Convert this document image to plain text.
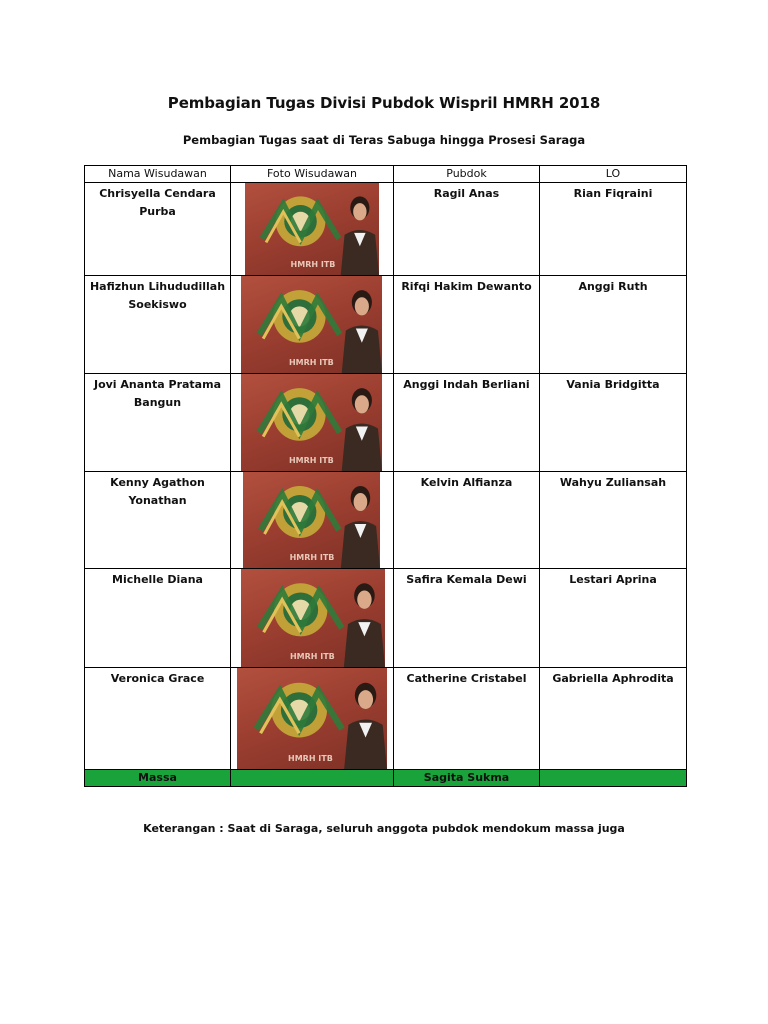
Pembagian Tugas Divisi Pubdok Wispril HMRH 2018
Pembagian Tugas saat di Teras Sabuga hingga Prosesi Saraga
Nama Wisudawan	Foto Wisudawan	Pubdok	LO
Chrisyella Cendara Purba	HMRH ITB	Ragil Anas	Rian Fiqraini
Hafizhun Lihududillah Soekiswo	HMRH ITB	Rifqi Hakim Dewanto	Anggi Ruth
Jovi Ananta Pratama Bangun	HMRH ITB	Anggi Indah Berliani	Vania Bridgitta
Kenny Agathon Yonathan	HMRH ITB	Kelvin Alfianza	Wahyu Zuliansah
Michelle Diana	HMRH ITB	Safira Kemala Dewi	Lestari Aprina
Veronica Grace	HMRH ITB	Catherine Cristabel	Gabriella Aphrodita
Massa		Sagita Sukma	
Keterangan : Saat di Saraga, seluruh anggota pubdok mendokum massa juga
